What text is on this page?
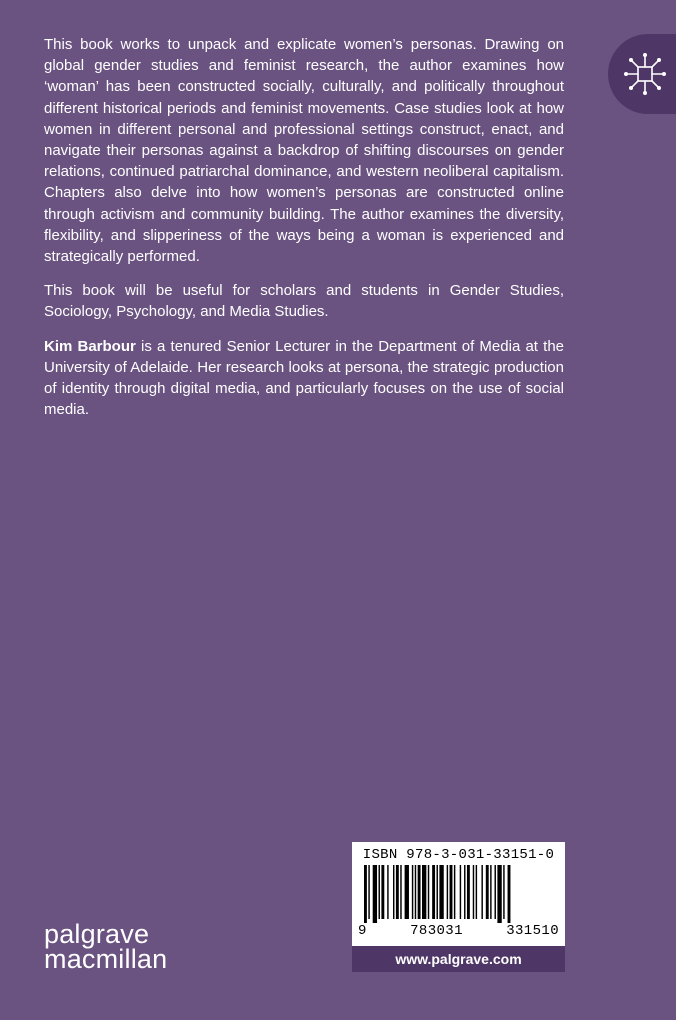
This book works to unpack and explicate women’s personas. Drawing on global gender studies and feminist research, the author examines how ‘woman’ has been constructed socially, culturally, and politically throughout different historical periods and feminist movements. Case studies look at how women in different personal and professional settings construct, enact, and navigate their personas against a backdrop of shifting discourses on gender relations, continued patriarchal dominance, and western neoliberal capitalism. Chapters also delve into how women’s personas are constructed online through activism and community building. The author examines the diversity, flexibility, and slipperiness of the ways being a woman is experienced and strategically performed.

This book will be useful for scholars and students in Gender Studies, Sociology, Psychology, and Media Studies.

Kim Barbour is a tenured Senior Lecturer in the Department of Media at the University of Adelaide. Her research looks at persona, the strategic production of identity through digital media, and particularly focuses on the use of social media.

palgrave
macmillan
ISBN 978-3-031-33151-0
9	783031	331510
www.palgrave.com
